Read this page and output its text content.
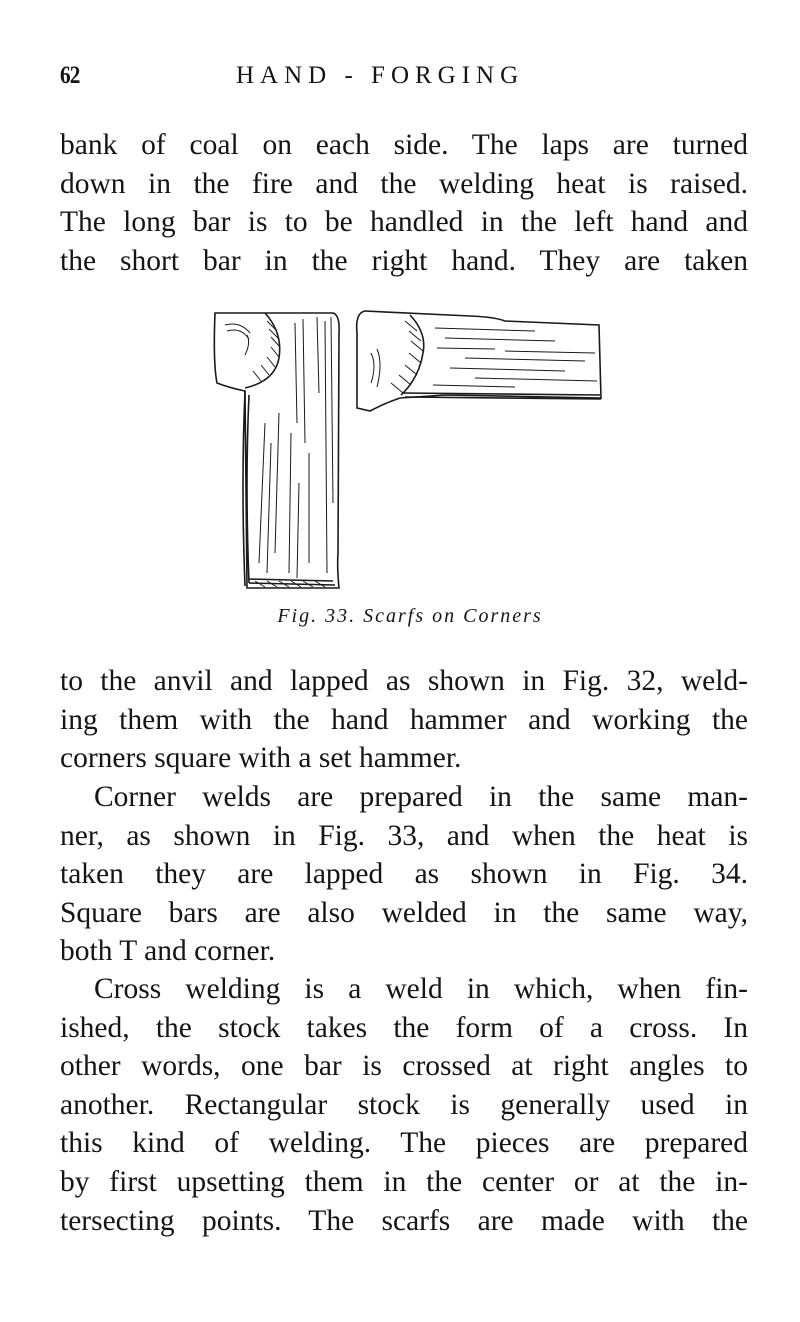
62	HAND - FORGING
bank of coal on each side. The laps are turned
down in the fire and the welding heat is raised.
The long bar is to be handled in the left hand and
the short bar in the right hand. They are taken
Fig. 33. Scarfs on Corners
to the anvil and lapped as shown in Fig. 32, weld-
ing them with the hand hammer and working the
corners square with a set hammer.
Corner welds are prepared in the same man-
ner, as shown in Fig. 33, and when the heat is
taken they are lapped as shown in Fig. 34.
Square bars are also welded in the same way,
both T and corner.
Cross welding is a weld in which, when fin-
ished, the stock takes the form of a cross. In
other words, one bar is crossed at right angles to
another. Rectangular stock is generally used in
this kind of welding. The pieces are prepared
by first upsetting them in the center or at the in-
tersecting points. The scarfs are made with the
